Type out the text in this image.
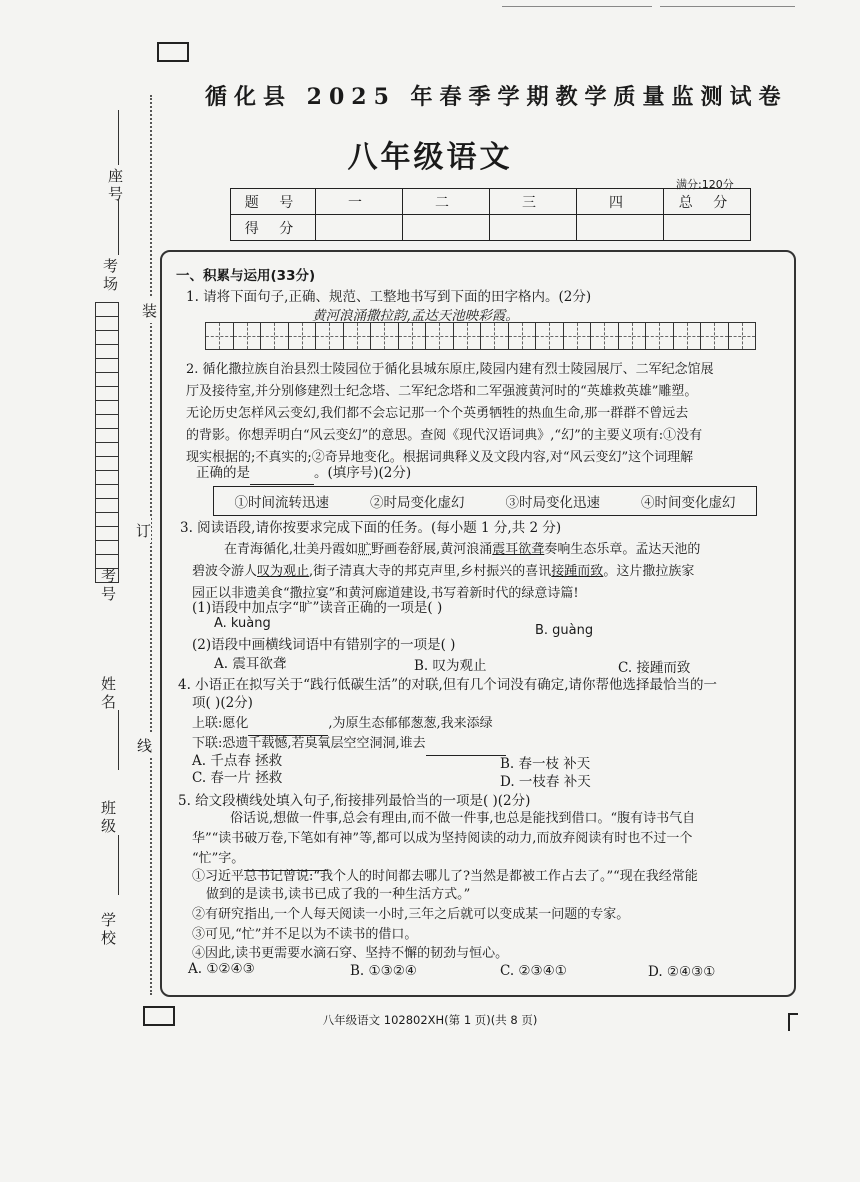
循化县 2025 年春季学期教学质量监测试卷
八年级语文
满分:120分
题 号	一	二	三	四	总 分
得 分					
装
订
线
座号
考场
考号
姓名
班级
学校
一、积累与运用(33分)
1. 请将下面句子,正确、规范、工整地书写到下面的田字格内。(2分)
黄河浪涌撒拉韵,孟达天池映彩霞。
2. 循化撒拉族自治县烈士陵园位于循化县城东原庄,陵园内建有烈士陵园展厅、二军纪念馆展
厅及接待室,并分别修建烈士纪念塔、二军纪念塔和二军强渡黄河时的“英雄救英雄”雕塑。
无论历史怎样风云变幻,我们都不会忘记那一个个英勇牺牲的热血生命,那一群群不曾远去
的背影。你想弄明白“风云变幻”的意思。查阅《现代汉语词典》,“幻”的主要义项有:①没有
现实根据的;不真实的;②奇异地变化。根据词典释义及文段内容,对“风云变幻”这个词理解
正确的是	。(填序号)(2分)
①时间流转迅速	②时局变化虚幻	③时局变化迅速	④时间变化虚幻
3. 阅读语段,请你按要求完成下面的任务。(每小题 1 分,共 2 分)
在青海循化,壮美丹霞如旷野画卷舒展,黄河浪涌震耳欲聋奏响生态乐章。孟达天池的
碧波令游人叹为观止,街子清真大寺的邦克声里,乡村振兴的喜讯接踵而致。这片撒拉族家
园正以非遗美食“撒拉宴”和黄河廊道建设,书写着新时代的绿意诗篇!
(1)语段中加点字“旷”读音正确的一项是( )
A. kuàng	B. guàng
(2)语段中画横线词语中有错别字的一项是( )
A. 震耳欲聋	B. 叹为观止	C. 接踵而致
4. 小语正在拟写关于“践行低碳生活”的对联,但有几个词没有确定,请你帮他选择最恰当的一
项( )(2分)
上联:愿化	,为原生态郁郁葱葱,我来添绿
下联:恐遗千载憾,若臭氧层空空洞洞,谁去
A. 千点春 拯救	B. 春一枝 补天
C. 春一片 拯救	D. 一枝春 补天
5. 给文段横线处填入句子,衔接排列最恰当的一项是( )(2分)
俗话说,想做一件事,总会有理由,而不做一件事,也总是能找到借口。“腹有诗书气自
华”“读书破万卷,下笔如有神”等,都可以成为坚持阅读的动力,而放弃阅读有时也不过一个
“忙”字。
①习近平总书记曾说:“我个人的时间都去哪儿了?当然是都被工作占去了。”“现在我经常能
做到的是读书,读书已成了我的一种生活方式。”
②有研究指出,一个人每天阅读一小时,三年之后就可以变成某一问题的专家。
③可见,“忙”并不足以为不读书的借口。
④因此,读书更需要水滴石穿、坚持不懈的韧劲与恒心。
A. ①②④③	B. ①③②④	C. ②③④①	D. ②④③①
八年级语文 102802XH(第 1 页)(共 8 页)
